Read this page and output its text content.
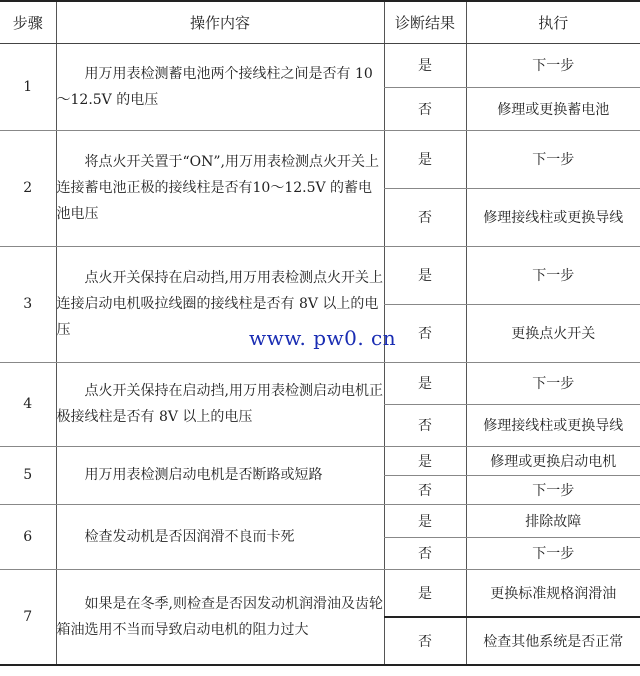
步骤	操作内容	诊断结果	执行
1	用万用表检测蓄电池两个接线柱之间是否有 10～12.5V 的电压	是	下一步
		否	修理或更换蓄电池
2	将点火开关置于“ON”,用万用表检测点火开关上连接蓄电池正极的接线柱是否有10～12.5V 的蓄电池电压	是	下一步
		否	修理接线柱或更换导线
3	点火开关保持在启动挡,用万用表检测点火开关上连接启动电机吸拉线圈的接线柱是否有 8V 以上的电压	是	下一步
		否	更换点火开关
4	点火开关保持在启动挡,用万用表检测启动电机正极接线柱是否有 8V 以上的电压	是	下一步
		否	修理接线柱或更换导线
5	用万用表检测启动电机是否断路或短路	是	修理或更换启动电机
		否	下一步
6	检查发动机是否因润滑不良而卡死	是	排除故障
		否	下一步
7	如果是在冬季,则检查是否因发动机润滑油及齿轮箱油选用不当而导致启动电机的阻力过大	是	更换标准规格润滑油
		否	检查其他系统是否正常
www. pw0. cn
